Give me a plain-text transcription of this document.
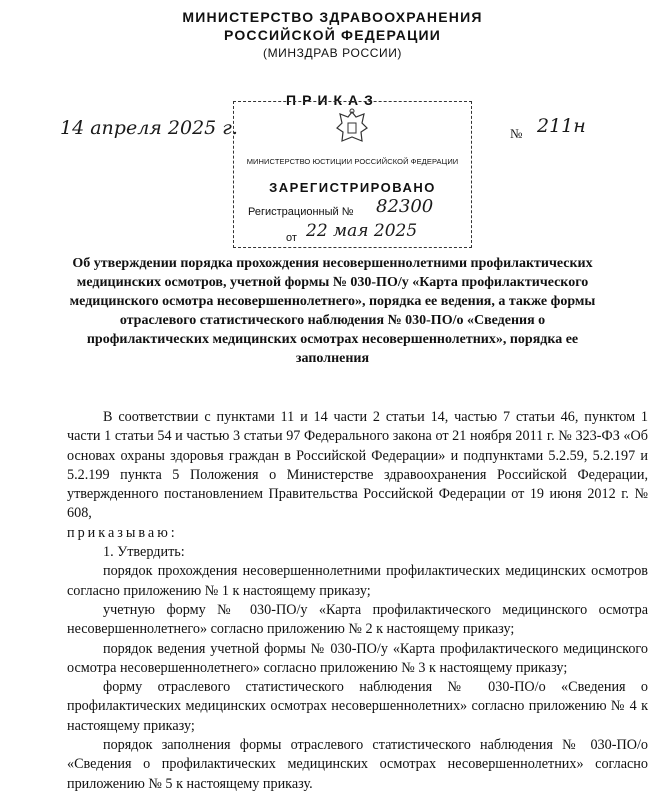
МИНИСТЕРСТВО ЗДРАВООХРАНЕНИЯ
РОССИЙСКОЙ ФЕДЕРАЦИИ
(МИНЗДРАВ РОССИИ)
ПРИКАЗ
14 апреля 2025 г.	№ 211н
МИНИСТЕРСТВО ЮСТИЦИИ РОССИЙСКОЙ ФЕДЕРАЦИИ
ЗАРЕГИСТРИРОВАНО
Регистрационный № 82300
от 22 мая 2025
Об утверждении порядка прохождения несовершеннолетними профилактических медицинских осмотров, учетной формы № 030-ПО/у «Карта профилактического медицинского осмотра несовершеннолетнего», порядка ее ведения, а также формы отраслевого статистического наблюдения № 030-ПО/о «Сведения о профилактических медицинских осмотрах несовершеннолетних», порядка ее заполнения

В соответствии с пунктами 11 и 14 части 2 статьи 14, частью 7 статьи 46, пунктом 1 части 1 статьи 54 и частью 3 статьи 97 Федерального закона от 21 ноября 2011 г. № 323-ФЗ «Об основах охраны здоровья граждан в Российской Федерации» и подпунктами 5.2.59, 5.2.197 и 5.2.199 пункта 5 Положения о Министерстве здравоохранения Российской Федерации, утвержденного постановлением Правительства Российской Федерации от 19 июня 2012 г. № 608,

приказываю:

1. Утвердить:

порядок прохождения несовершеннолетними профилактических медицинских осмотров согласно приложению № 1 к настоящему приказу;

учетную форму № 030-ПО/у «Карта профилактического медицинского осмотра несовершеннолетнего» согласно приложению № 2 к настоящему приказу;

порядок ведения учетной формы № 030-ПО/у «Карта профилактического медицинского осмотра несовершеннолетнего» согласно приложению № 3 к настоящему приказу;

форму отраслевого статистического наблюдения № 030-ПО/о «Сведения о профилактических медицинских осмотрах несовершеннолетних» согласно приложению № 4 к настоящему приказу;

порядок заполнения формы отраслевого статистического наблюдения № 030-ПО/о «Сведения о профилактических медицинских осмотрах несовершеннолетних» согласно приложению № 5 к настоящему приказу.
